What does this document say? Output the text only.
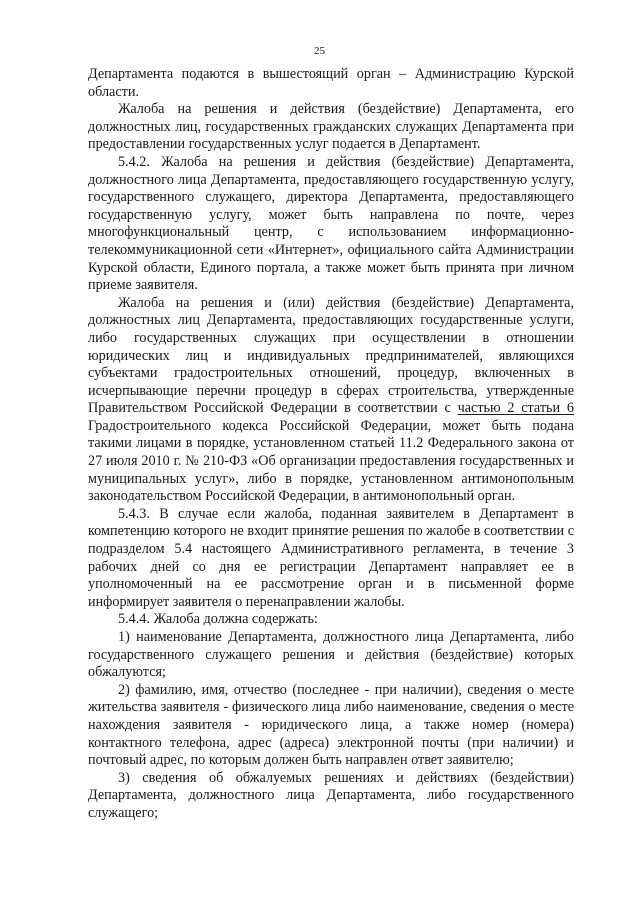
25

Департамента подаются в вышестоящий орган – Администрацию Курской области.

Жалоба на решения и действия (бездействие) Департамента, его должностных лиц, государственных гражданских служащих Департамента при предоставлении государственных услуг подается в Департамент.

5.4.2. Жалоба на решения и действия (бездействие) Департамента, должностного лица Департамента, предоставляющего государственную услугу, государственного служащего, директора Департамента, предоставляющего государственную услугу, может быть направлена по почте, через многофункциональный центр, с использованием информационно-телекоммуникационной сети «Интернет», официального сайта Администрации Курской области, Единого портала, а также может быть принята при личном приеме заявителя.

Жалоба на решения и (или) действия (бездействие) Департамента, должностных лиц Департамента, предоставляющих государственные услуги, либо государственных служащих при осуществлении в отношении юридических лиц и индивидуальных предпринимателей, являющихся субъектами градостроительных отношений, процедур, включенных в исчерпывающие перечни процедур в сферах строительства, утвержденные Правительством Российской Федерации в соответствии с частью 2 статьи 6 Градостроительного кодекса Российской Федерации, может быть подана такими лицами в порядке, установленном статьей 11.2 Федерального закона от 27 июля 2010 г. № 210-ФЗ «Об организации предоставления государственных и муниципальных услуг», либо в порядке, установленном антимонопольным законодательством Российской Федерации, в антимонопольный орган.

5.4.3. В случае если жалоба, поданная заявителем в Департамент в компетенцию которого не входит принятие решения по жалобе в соответствии с подразделом 5.4 настоящего Административного регламента, в течение 3 рабочих дней со дня ее регистрации Департамент направляет ее в уполномоченный на ее рассмотрение орган и в письменной форме информирует заявителя о перенаправлении жалобы.

5.4.4. Жалоба должна содержать:

1) наименование Департамента, должностного лица Департамента, либо государственного служащего решения и действия (бездействие) которых обжалуются;

2) фамилию, имя, отчество (последнее - при наличии), сведения о месте жительства заявителя - физического лица либо наименование, сведения о месте нахождения заявителя - юридического лица, а также номер (номера) контактного телефона, адрес (адреса) электронной почты (при наличии) и почтовый адрес, по которым должен быть направлен ответ заявителю;

3) сведения об обжалуемых решениях и действиях (бездействии) Департамента, должностного лица Департамента, либо государственного служащего;
